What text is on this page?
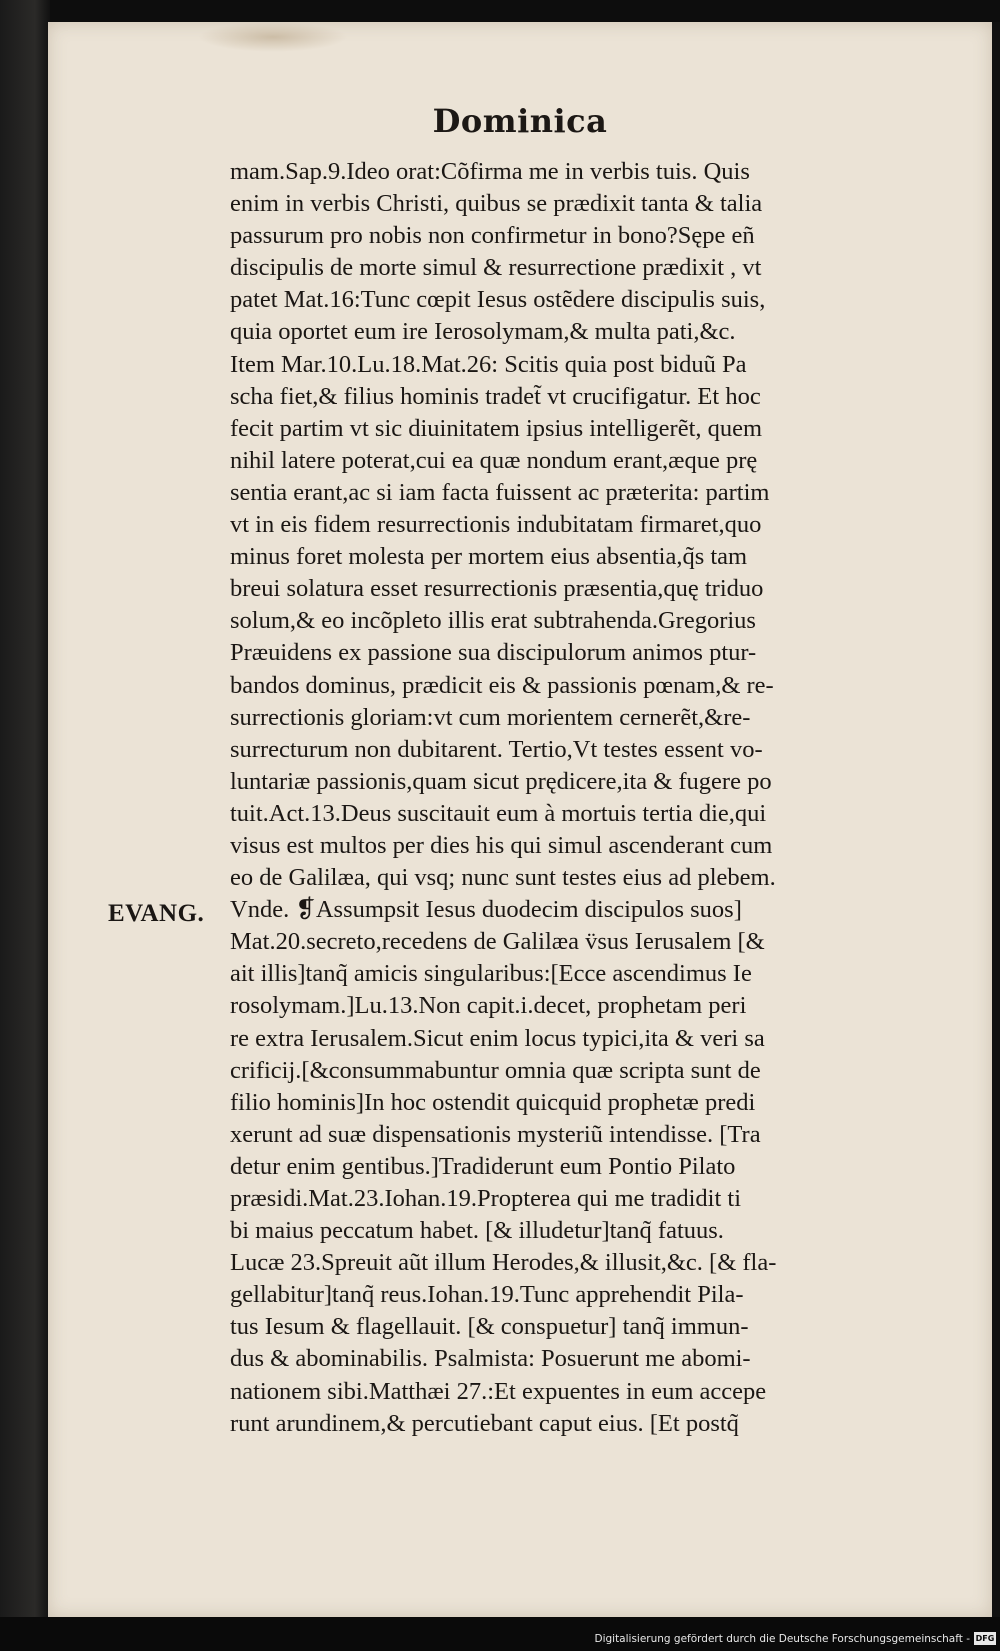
Dominica
EVANG.
mam.Sap.9.Ideo orat:Cõfirma me in verbis tuis. Quis
enim in verbis Christi, quibus se prædixit tanta & talia
passurum pro nobis non confirmetur in bono?Sępe eñ
discipulis de morte simul & resurrectione prædixit , vt
patet Mat.16:Tunc cœpit Iesus ostẽdere discipulis suis,
quia oportet eum ire Ierosolymam,& multa pati,&c.
Item Mar.10.Lu.18.Mat.26: Scitis quia post biduũ Pa
scha fiet,& filius hominis tradet̃ vt crucifigatur. Et hoc
fecit partim vt sic diuinitatem ipsius intelligerẽt, quem
nihil latere poterat,cui ea quæ nondum erant,æque prę
sentia erant,ac si iam facta fuissent ac præterita: partim
vt in eis fidem resurrectionis indubitatam firmaret,quo
minus foret molesta per mortem eius absentia,q̃s tam
breui solatura esset resurrectionis præsentia,quę triduo
solum,& eo incõpleto illis erat subtrahenda.Gregorius
Præuidens ex passione sua discipulorum animos ptur-
bandos dominus, prædicit eis & passionis pœnam,& re-
surrectionis gloriam:vt cum morientem cernerẽt,&re-
surrecturum non dubitarent. Tertio,Vt testes essent vo-
luntariæ passionis,quam sicut prędicere,ita & fugere po
tuit.Act.13.Deus suscitauit eum à mortuis tertia die,qui
visus est multos per dies his qui simul ascenderant cum
eo de Galilæa, qui vsq; nunc sunt testes eius ad plebem.
Vnde. ❡Assumpsit Iesus duodecim discipulos suos]
Mat.20.secreto,recedens de Galilæa v̈sus Ierusalem [&
ait illis]tanq̃ amicis singularibus:[Ecce ascendimus Ie
rosolymam.]Lu.13.Non capit.i.decet, prophetam peri
re extra Ierusalem.Sicut enim locus typici,ita & veri sa
crificij.[&consummabuntur omnia quæ scripta sunt de
filio hominis]In hoc ostendit quicquid prophetæ predi
xerunt ad suæ dispensationis mysteriũ intendisse. [Tra
detur enim gentibus.]Tradiderunt eum Pontio Pilato
præsidi.Mat.23.Iohan.19.Propterea qui me tradidit ti
bi maius peccatum habet. [& illudetur]tanq̃ fatuus.
Lucæ 23.Spreuit aũt illum Herodes,& illusit,&c. [& fla-
gellabitur]tanq̃ reus.Iohan.19.Tunc apprehendit Pila-
tus Iesum & flagellauit. [& conspuetur] tanq̃ immun-
dus & abominabilis. Psalmista: Posuerunt me abomi-
nationem sibi.Matthæi 27.:Et expuentes in eum accepe
runt arundinem,& percutiebant caput eius. [Et postq̃
Digitalisierung gefördert durch die Deutsche Forschungsgemeinschaft - DFG
